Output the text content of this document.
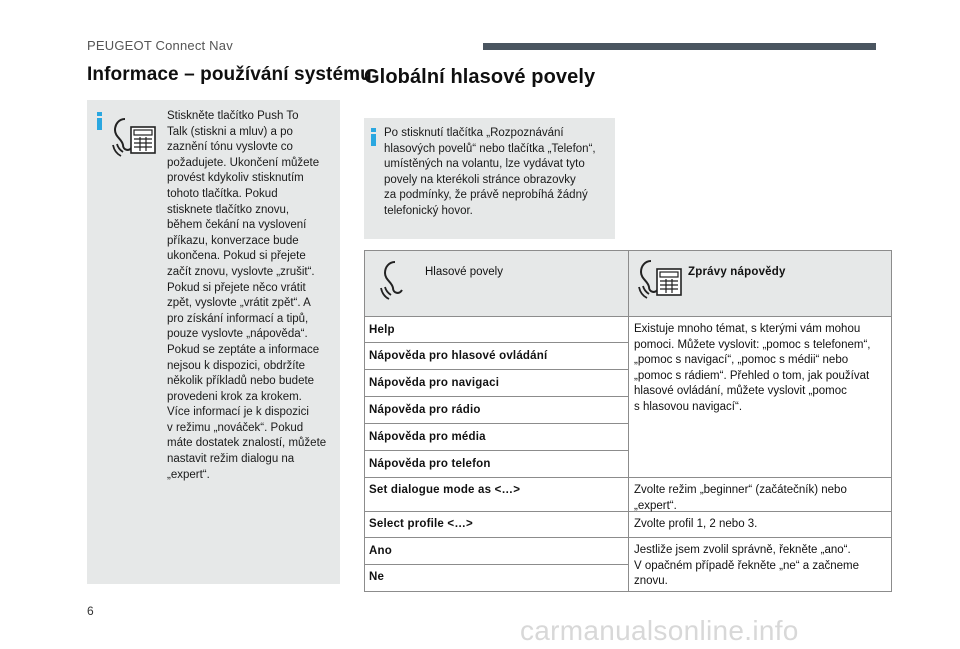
PEUGEOT Connect Nav
Informace – používání systému
Globální hlasové povely
Stiskněte tlačítko Push To
Talk (stiskni a mluv) a po
zaznění tónu vyslovte co
požadujete. Ukončení můžete
provést kdykoliv stisknutím
tohoto tlačítka. Pokud
stisknete tlačítko znovu,
během čekání na vyslovení
příkazu, konverzace bude
ukončena. Pokud si přejete
začít znovu, vyslovte „zrušit“.
Pokud si přejete něco vrátit
zpět, vyslovte „vrátit zpět“. A
pro získání informací a tipů,
pouze vyslovte „nápověda“.
Pokud se zeptáte a informace
nejsou k dispozici, obdržíte
několik příkladů nebo budete
provedeni krok za krokem.
Více informací je k dispozici
v režimu „nováček“. Pokud
máte dostatek znalostí, můžete
nastavit režim dialogu na
„expert“.
Po stisknutí tlačítka „Rozpoznávání
hlasových povelů“ nebo tlačítka „Telefon“,
umístěných na volantu, lze vydávat tyto
povely na kterékoli stránce obrazovky
za podmínky, že právě neprobíhá žádný
telefonický hovor.
Hlasové povely	Zprávy nápovědy
Help
Nápověda pro hlasové ovládání
Nápověda pro navigaci
Nápověda pro rádio
Nápověda pro média
Nápověda pro telefon
Existuje mnoho témat, s kterými vám mohou
pomoci. Můžete vyslovit: „pomoc s telefonem“,
„pomoc s navigací“, „pomoc s médii“ nebo
„pomoc s rádiem“. Přehled o tom, jak používat
hlasové ovládání, můžete vyslovit „pomoc
s hlasovou navigací“.
Set dialogue mode as <…>	Zvolte režim „beginner“ (začátečník) nebo
„expert“.
Select profile <…>	Zvolte profil 1, 2 nebo 3.
Ano
Ne
Jestliže jsem zvolil správně, řekněte „ano“.
V opačném případě řekněte „ne“ a začneme
znovu.
6
carmanualsonline.info
